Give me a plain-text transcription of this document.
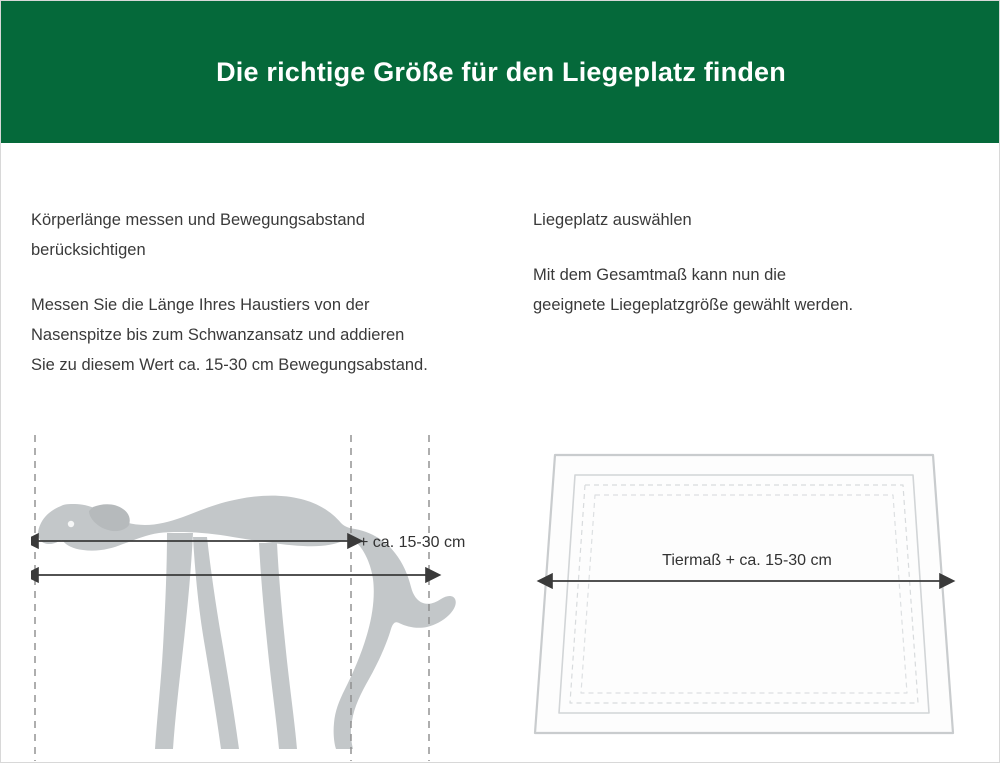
Die richtige Größe für den Liegeplatz finden

Körperlänge messen und Bewegungsabstand berücksichtigen

Messen Sie die Länge Ihres Haustiers von der Nasenspitze bis zum Schwanzansatz und addieren Sie zu diesem Wert ca. 15-30 cm Bewegungsabstand.

+ ca. 15-30 cm

Liegeplatz auswählen

Mit dem Gesamtmaß kann nun die geeignete Liegeplatzgröße gewählt werden.

Tiermaß + ca. 15-30 cm
